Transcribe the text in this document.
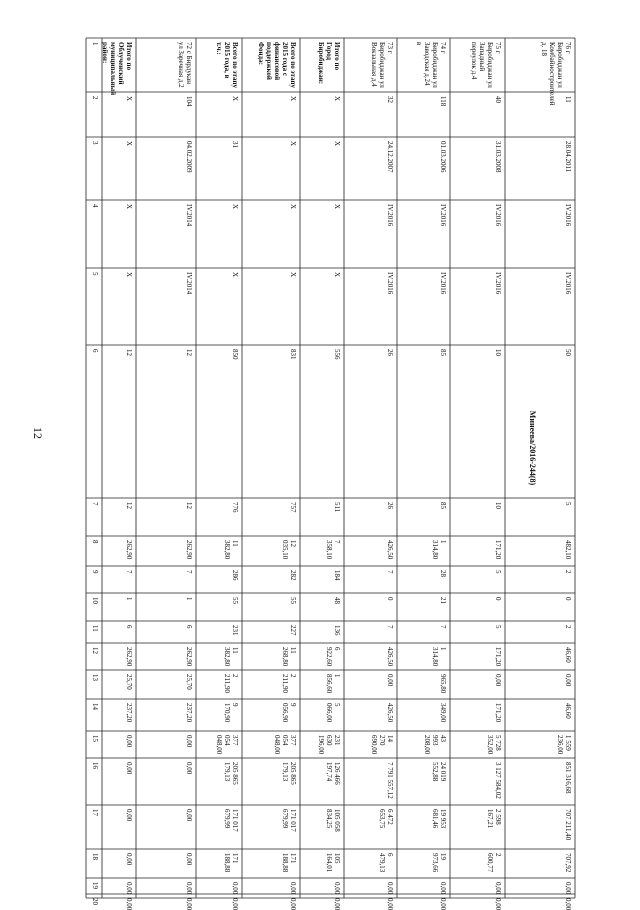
12	Минеева/2016-244(8)
1
2
3
4
5
6
7
8
9
10
11
12
13
14
15
16
17
18
19
20
Итого по Облученский муниципальный район:
Х
Х
Х
Х
12
12
262,90
7
1
6
262,90
25,70
237,20
0,00
0,00
0,00
0,00
0,00
0,00
72 с Бирдукан ул Заречная д.2
104
04.02.2009
IV.2014
IV.2014
12
12
262,90
7
1
6
262,90
25,70
237,20
0,00
0,00
0,00
0,00
0,00
0,00
Всего по этапу 2015 года, в т.ч.:
Х
31
Х
Х
850
776
11 382,80
286
55
231
11 382,80
2 211,90
9 170,90
377 054 048,00
205 865 179,13
171 017 679,99
171 188,88
0,00
0,00
Всего по этапу 2015 года с финансовой поддержкой Фонда:
Х
Х
Х
Х
831
757
12 035,10
282
55
227
11 268,80
2 211,90
9 056,90
377 054 048,00
205 865 179,13
171 017 679,99
171 188,88
0,00
0,00
Итого по Город Биробиджан:
Х
Х
Х
Х
556
511
7 358,10
184
48
136
6 922,60
1 856,60
5 066,00
231 630 196,00
126 466 197,74
105 058 834,25
105 164,01
0,00
0,00
73 г Биробиджан ул Вокзальная д.4
32
24.12.2007
IV.2016
IV.2016
26
26
426,50
7
0
7
426,50
0,00
426,50
14 270 690,00
7 791 557,12
6 472 653,75
6 479,13
0,00
0,00
74 г Биробиджан ул Заводская д.24 в
118
01.03.2006
IV.2016
IV.2016
85
85
1 314,80
28
21
7
1 314,80
965,80
349,00
43 993 208,00
24 019 552,88
19 953 681,46
19 973,66
0,00
0,00
75 г Биробиджан ул Западный переулок д.4
40
31.03.2008
IV.2016
IV.2016
10
10
171,20
5
0
5
171,20
0,00
171,20
5 728 352,00
3 127 584,02
2 598 167,21
2 600,77
0,00
0,00
76 г Биробиджан ул Комбайностроителей д. 18
11
28.04.2011
IV.2016
IV.2016
50
5
482,10
2
0
2
46,60
0,00
46,60
1 559 236,00
851 316,68
707 211,40
707,92
0,00
0,00
